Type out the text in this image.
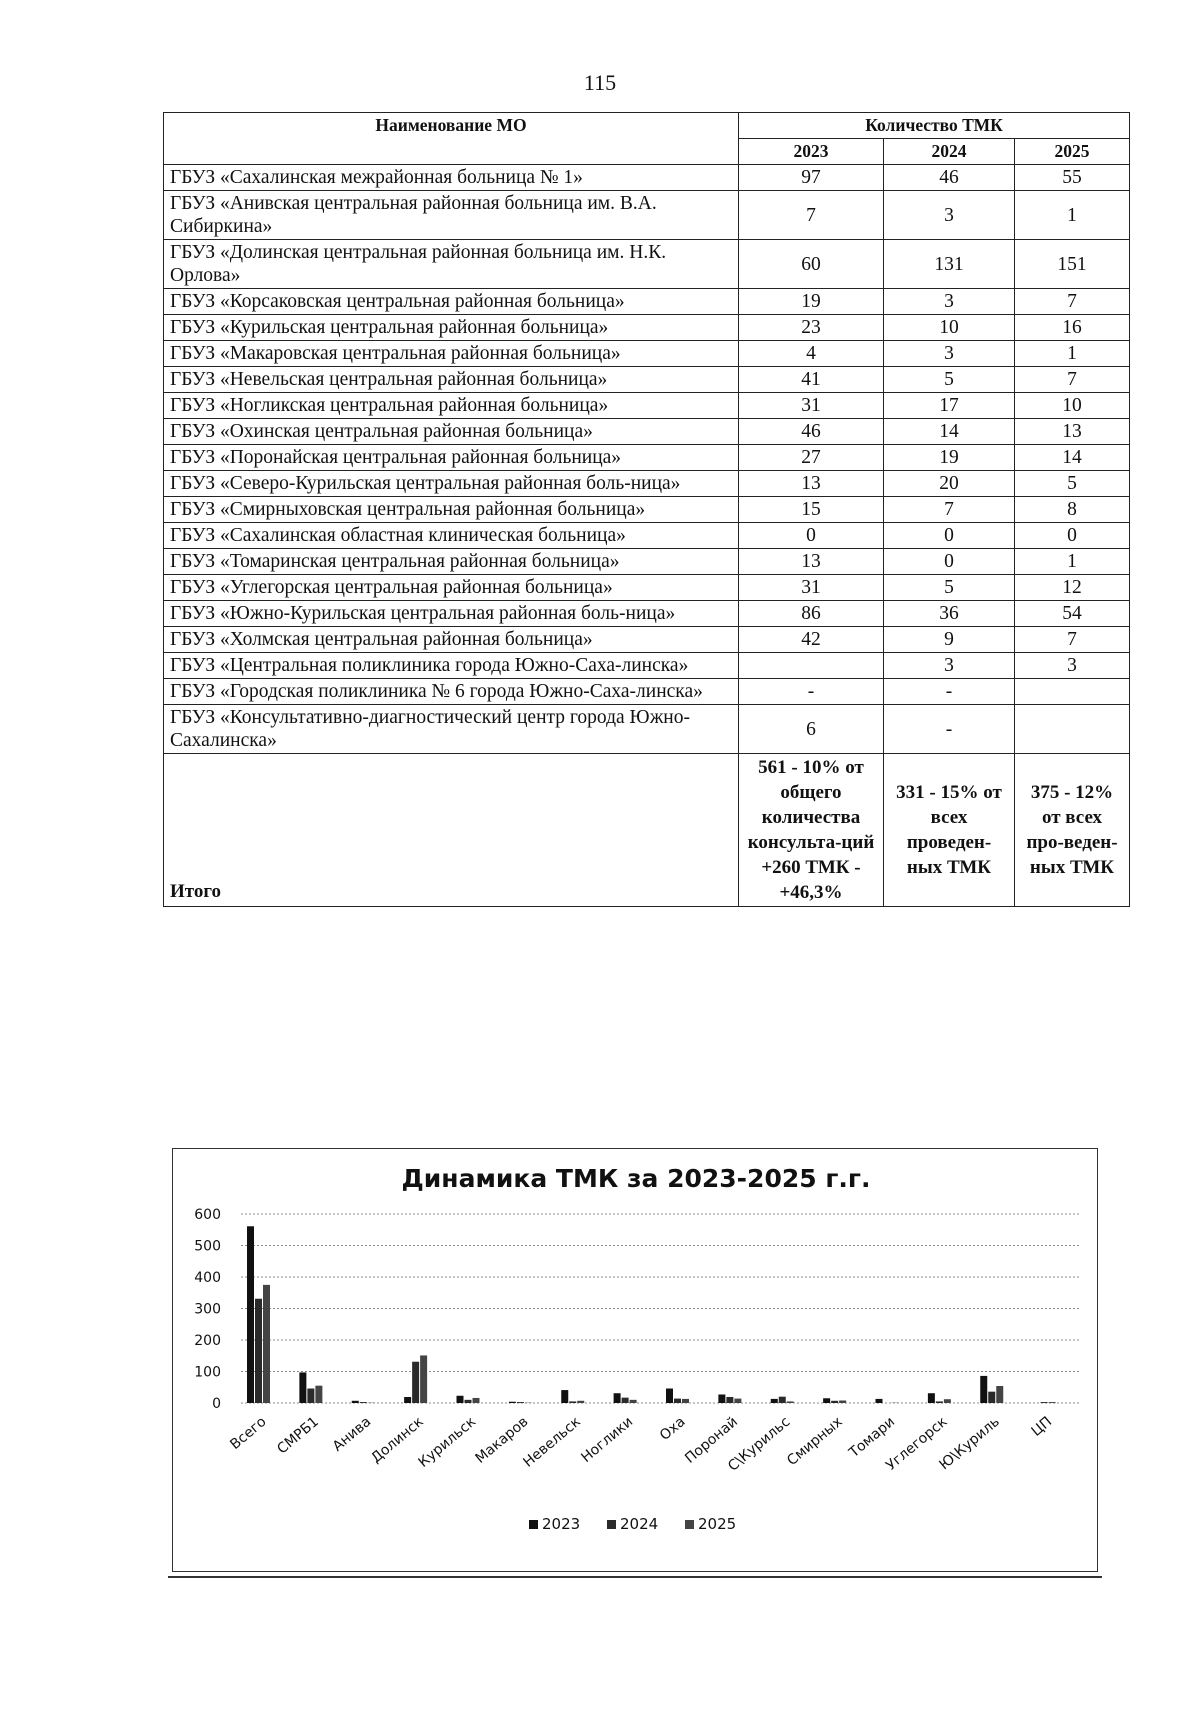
115
Наименование МО	Количество ТМК		
	2023	2024	2025
ГБУЗ «Сахалинская межрайонная больница № 1»	97	46	55
ГБУЗ «Анивская центральная районная больница им. В.А. Сибиркина»	7	3	1
ГБУЗ «Долинская центральная районная больница им. Н.К. Орлова»	60	131	151
ГБУЗ «Корсаковская центральная районная больница»	19	3	7
ГБУЗ «Курильская центральная районная больница»	23	10	16
ГБУЗ «Макаровская центральная районная больница»	4	3	1
ГБУЗ «Невельская центральная районная больница»	41	5	7
ГБУЗ «Ногликская центральная районная больница»	31	17	10
ГБУЗ «Охинская центральная районная больница»	46	14	13
ГБУЗ «Поронайская центральная районная больница»	27	19	14
ГБУЗ «Северо-Курильская центральная районная боль-ница»	13	20	5
ГБУЗ «Смирныховская центральная районная больница»	15	7	8
ГБУЗ «Сахалинская областная клиническая больница»	0	0	0
ГБУЗ «Томаринская центральная районная больница»	13	0	1
ГБУЗ «Углегорская центральная районная больница»	31	5	12
ГБУЗ «Южно-Курильская центральная районная боль-ница»	86	36	54
ГБУЗ «Холмская центральная районная больница»	42	9	7
ГБУЗ «Центральная поликлиника города Южно-Саха-линска»		3	3
ГБУЗ «Городская поликлиника № 6 города Южно-Саха-линска»	-	-	
ГБУЗ «Консультативно-диагностический центр города Южно-Сахалинска»	6	-	
Итого	561 - 10% от общего количества консульта-ций +260 ТМК - +46,3%	331 - 15% от всех проведен-ных ТМК	375 - 12% от всех про-веден-ных ТМК
Динамика ТМК за 2023-2025 г.г.
0
100
200
300
400
500
600
Всего СМРБ1 Анива
Долинск
Курильск
Макаров
Невельск
Ноглики Оха
Поронай
С\Курильс
Смирных Томари
Углегорск
Ю\Куриль ЦП
2023	2024	2025
